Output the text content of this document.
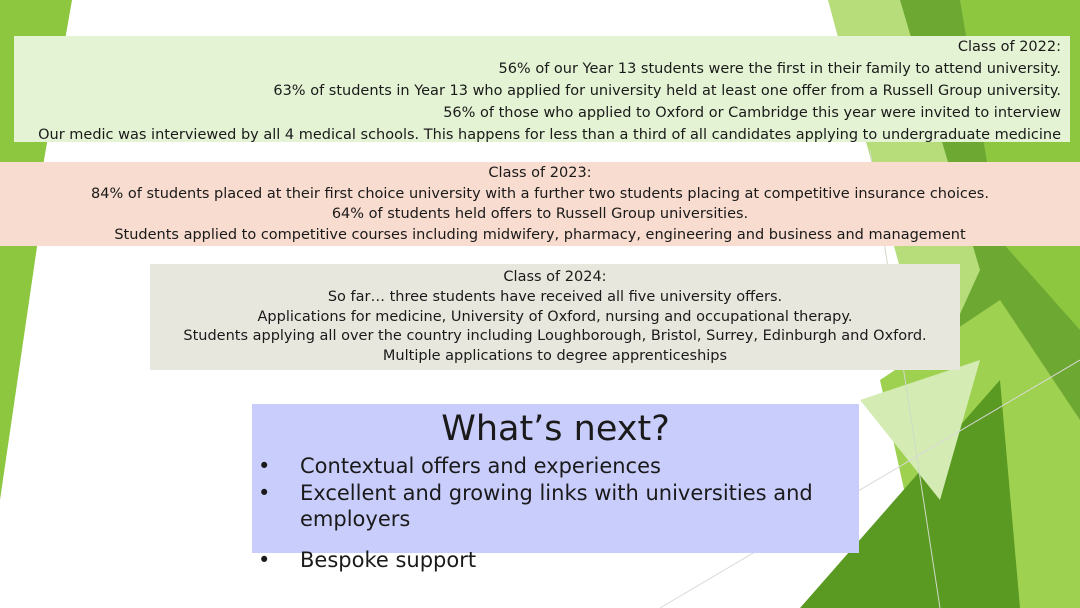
Class of 2022:

56% of our Year 13 students were the first in their family to attend university.

63% of students in Year 13 who applied for university held at least one offer from a Russell Group university.

56% of those who applied to Oxford or Cambridge this year were invited to interview

Our medic was interviewed by all 4 medical schools. This happens for less than a third of all candidates applying to undergraduate medicine

Class of 2023:

84% of students placed at their first choice university with a further two students placing at competitive insurance choices.

64% of students held offers to Russell Group universities.

Students applied to competitive courses including midwifery, pharmacy, engineering and business and management

Class of 2024:

So far… three students have received all five university offers.

Applications for medicine, University of Oxford, nursing and occupational therapy.

Students applying all over the country including Loughborough, Bristol, Surrey, Edinburgh and Oxford.

Multiple applications to degree apprenticeships

What’s next?
• Contextual offers and experiences
• Excellent and growing links with universities and employers
• Bespoke support
